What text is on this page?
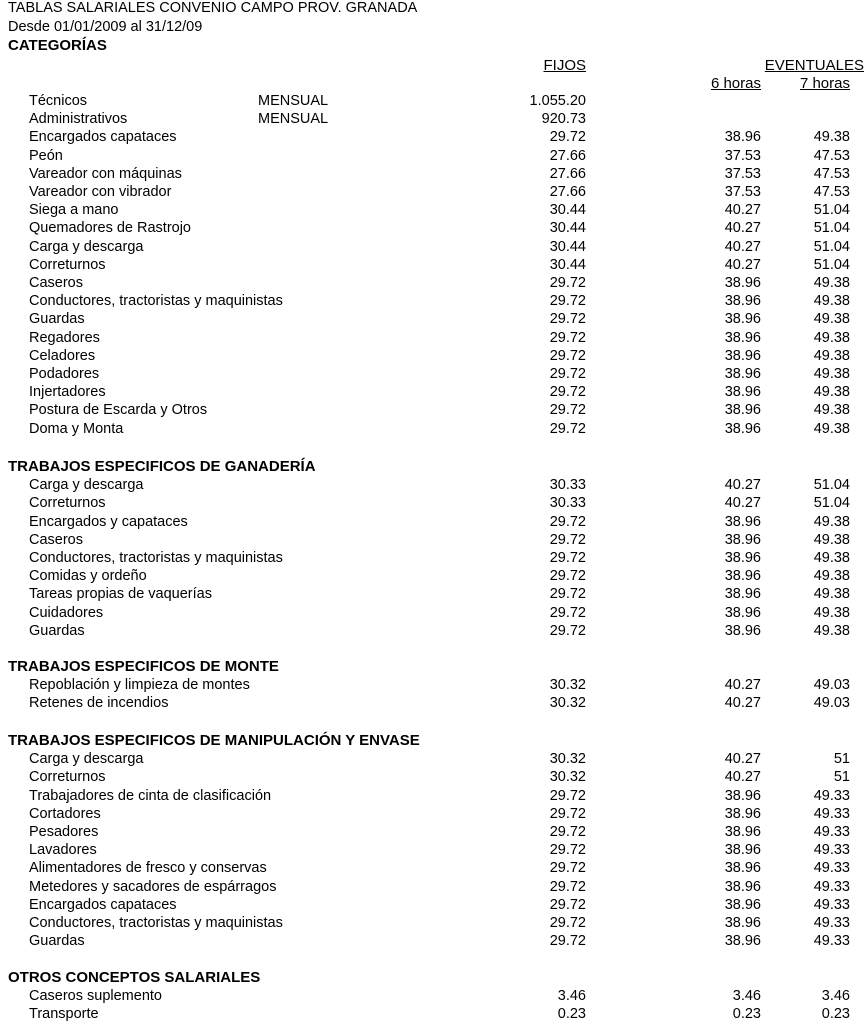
TABLAS SALARIALES CONVENIO CAMPO PROV. GRANADA
Desde 01/01/2009 al 31/12/09
CATEGORÍAS
FIJOS	EVENTUALES
6 horas	7 horas
Técnicos	MENSUAL	1.055.20
Administrativos	MENSUAL	920.73
Encargados capataces	29.72	38.96	49.38
Peón	27.66	37.53	47.53
Vareador con máquinas	27.66	37.53	47.53
Vareador con vibrador	27.66	37.53	47.53
Siega a mano	30.44	40.27	51.04
Quemadores de Rastrojo	30.44	40.27	51.04
Carga y descarga	30.44	40.27	51.04
Correturnos	30.44	40.27	51.04
Caseros	29.72	38.96	49.38
Conductores, tractoristas y maquinistas	29.72	38.96	49.38
Guardas	29.72	38.96	49.38
Regadores	29.72	38.96	49.38
Celadores	29.72	38.96	49.38
Podadores	29.72	38.96	49.38
Injertadores	29.72	38.96	49.38
Postura de Escarda y Otros	29.72	38.96	49.38
Doma y Monta	29.72	38.96	49.38
TRABAJOS ESPECIFICOS DE GANADERÍA
Carga y descarga	30.33	40.27	51.04
Correturnos	30.33	40.27	51.04
Encargados y capataces	29.72	38.96	49.38
Caseros	29.72	38.96	49.38
Conductores, tractoristas y maquinistas	29.72	38.96	49.38
Comidas y ordeño	29.72	38.96	49.38
Tareas propias de vaquerías	29.72	38.96	49.38
Cuidadores	29.72	38.96	49.38
Guardas	29.72	38.96	49.38
TRABAJOS ESPECIFICOS DE MONTE
Repoblación y limpieza de montes	30.32	40.27	49.03
Retenes de incendios	30.32	40.27	49.03
TRABAJOS ESPECIFICOS DE MANIPULACIÓN Y ENVASE
Carga y descarga	30.32	40.27	51
Correturnos	30.32	40.27	51
Trabajadores de cinta de clasificación	29.72	38.96	49.33
Cortadores	29.72	38.96	49.33
Pesadores	29.72	38.96	49.33
Lavadores	29.72	38.96	49.33
Alimentadores de fresco y conservas	29.72	38.96	49.33
Metedores y sacadores de espárragos	29.72	38.96	49.33
Encargados capataces	29.72	38.96	49.33
Conductores, tractoristas y maquinistas	29.72	38.96	49.33
Guardas	29.72	38.96	49.33
OTROS CONCEPTOS SALARIALES
Caseros suplemento	3.46	3.46	3.46
Transporte	0.23	0.23	0.23
